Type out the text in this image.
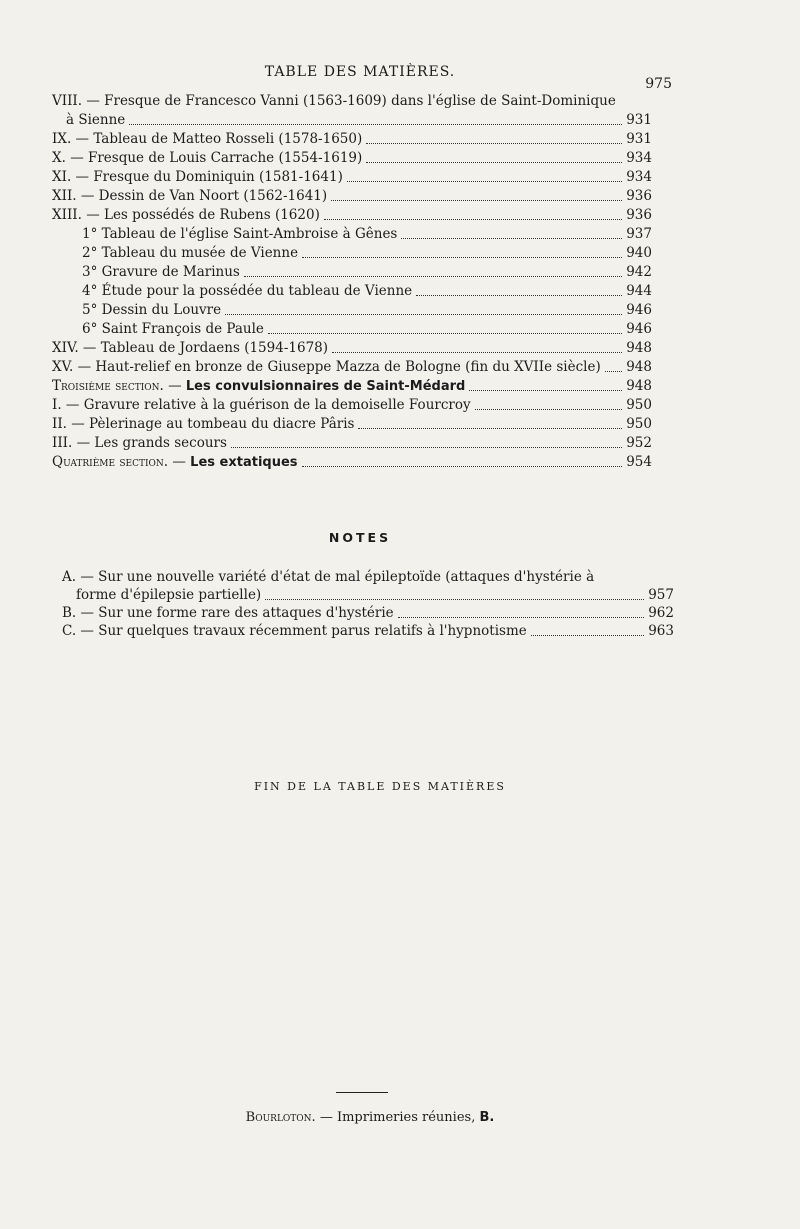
TABLE DES MATIÈRES.
975
VIII. — Fresque de Francesco Vanni (1563-1609) dans l'église de Saint-Dominique
à Sienne	931
IX. — Tableau de Matteo Rosseli (1578-1650)	931
X. — Fresque de Louis Carrache (1554-1619)	934
XI. — Fresque du Dominiquin (1581-1641)	934
XII. — Dessin de Van Noort (1562-1641)	936
XIII. — Les possédés de Rubens (1620)	936
1° Tableau de l'église Saint-Ambroise à Gênes	937
2° Tableau du musée de Vienne	940
3° Gravure de Marinus	942
4° Étude pour la possédée du tableau de Vienne	944
5° Dessin du Louvre	946
6° Saint François de Paule	946
XIV. — Tableau de Jordaens (1594-1678)	948
XV. — Haut-relief en bronze de Giuseppe Mazza de Bologne (fin du XVIIe siècle) 948
Troisième section. — Les convulsionnaires de Saint-Médard	948
I. — Gravure relative à la guérison de la demoiselle Fourcroy	950
II. — Pèlerinage au tombeau du diacre Pâris	950
III. — Les grands secours	952
Quatrième section. — Les extatiques	954
NOTES
A. — Sur une nouvelle variété d'état de mal épileptoïde (attaques d'hystérie à
forme d'épilepsie partielle)	957
B. — Sur une forme rare des attaques d'hystérie	962
C. — Sur quelques travaux récemment parus relatifs à l'hypnotisme	963
FIN DE LA TABLE DES MATIÈRES
Bourloton. — Imprimeries réunies, B.
